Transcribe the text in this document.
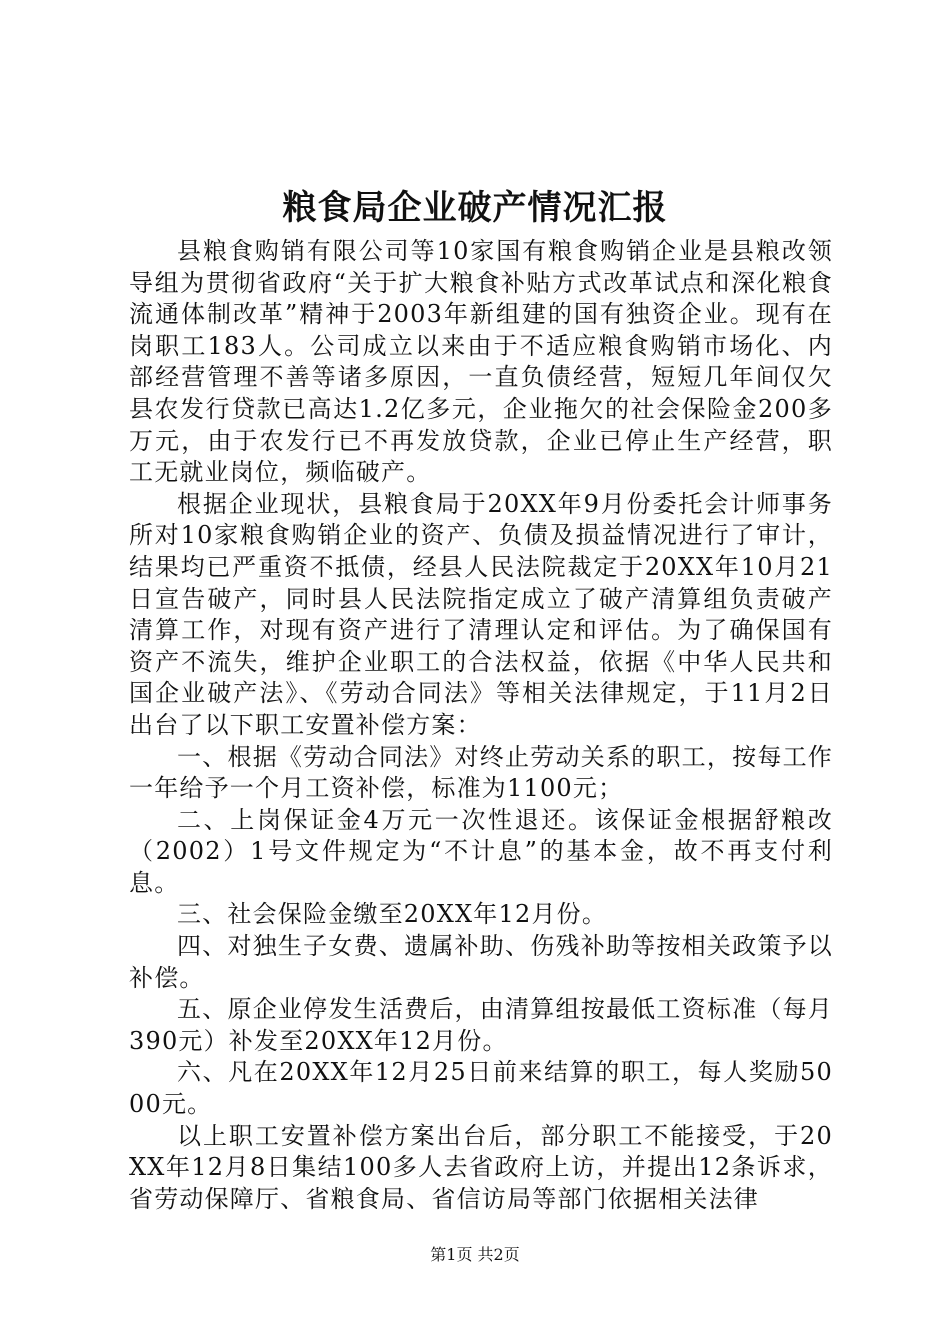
粮食局企业破产情况汇报

县粮食购销有限公司等10家国有粮食购销企业是县粮改领导组为贯彻省政府“关于扩大粮食补贴方式改革试点和深化粮食流通体制改革”精神于2003年新组建的国有独资企业。现有在岗职工183人。公司成立以来由于不适应粮食购销市场化、内部经营管理不善等诸多原因，一直负债经营，短短几年间仅欠县农发行贷款已高达1.2亿多元，企业拖欠的社会保险金200多万元，由于农发行已不再发放贷款，企业已停止生产经营，职工无就业岗位，频临破产。

根据企业现状，县粮食局于20XX年9月份委托会计师事务所对10家粮食购销企业的资产、负债及损益情况进行了审计，结果均已严重资不抵债，经县人民法院裁定于20XX年10月21日宣告破产，同时县人民法院指定成立了破产清算组负责破产清算工作，对现有资产进行了清理认定和评估。为了确保国有资产不流失，维护企业职工的合法权益，依据《中华人民共和国企业破产法》、《劳动合同法》等相关法律规定，于11月2日出台了以下职工安置补偿方案：

一、根据《劳动合同法》对终止劳动关系的职工，按每工作一年给予一个月工资补偿，标准为1100元；

二、上岗保证金4万元一次性退还。该保证金根据舒粮改（2002）1号文件规定为“不计息”的基本金，故不再支付利息。

三、社会保险金缴至20XX年12月份。

四、对独生子女费、遗属补助、伤残补助等按相关政策予以补偿。

五、原企业停发生活费后，由清算组按最低工资标准（每月390元）补发至20XX年12月份。

六、凡在20XX年12月25日前来结算的职工，每人奖励5000元。

以上职工安置补偿方案出台后，部分职工不能接受，于20XX年12月8日集结100多人去省政府上访，并提出12条诉求，省劳动保障厅、省粮食局、省信访局等部门依据相关法律

第1页 共2页
